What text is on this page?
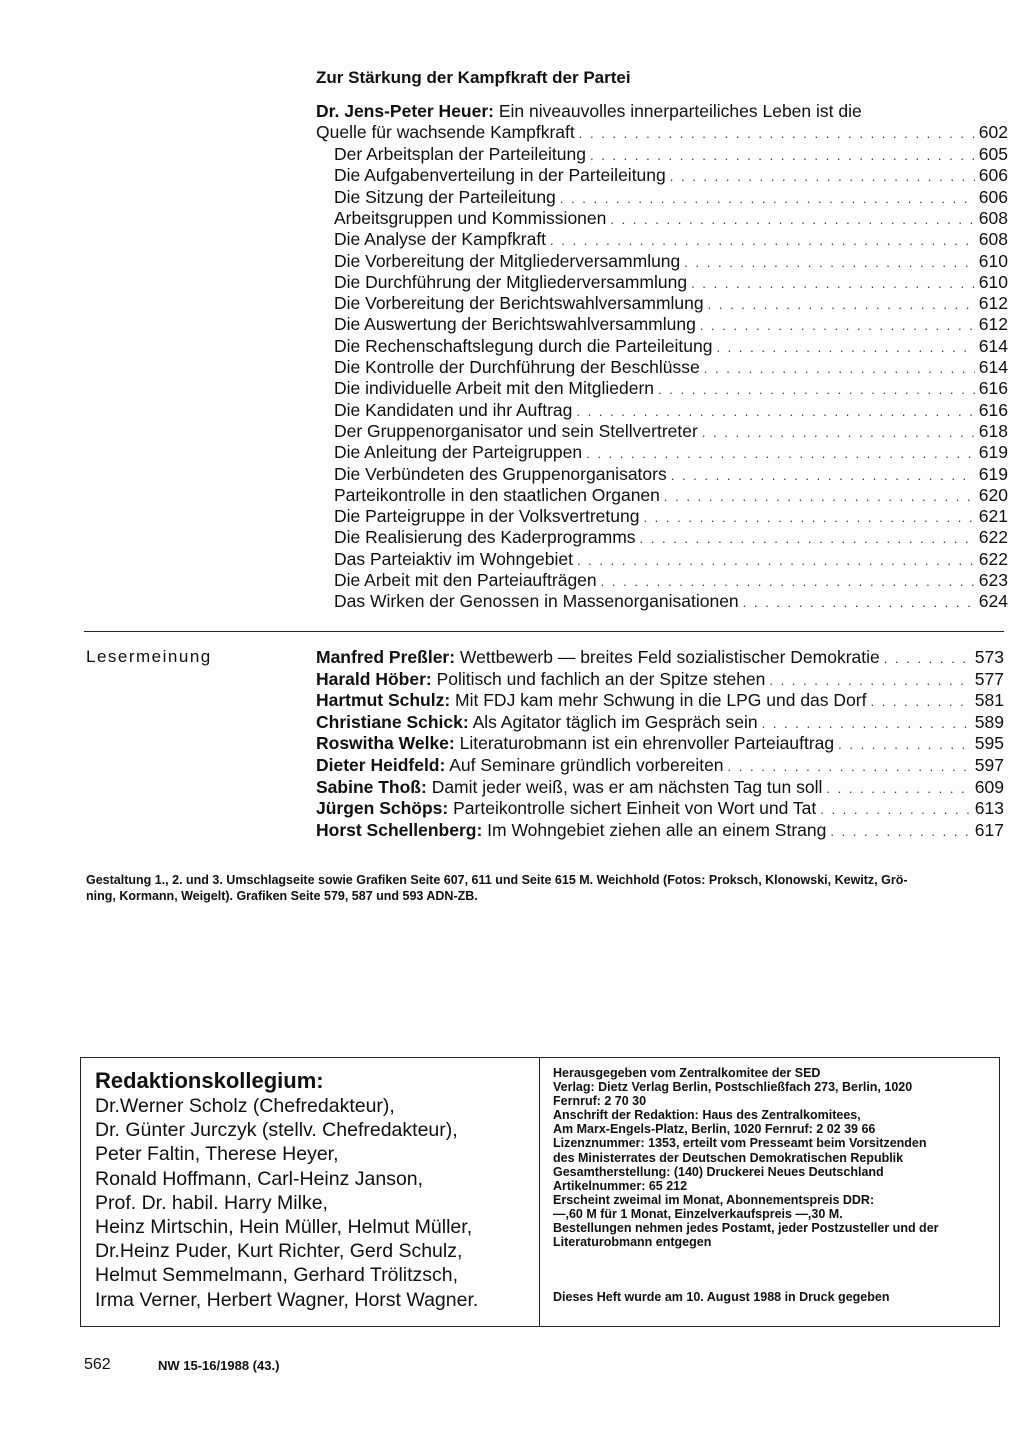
Zur Stärkung der Kampfkraft der Partei
Dr. Jens-Peter Heuer: Ein niveauvolles innerparteiliches Leben ist die
Quelle für wachsende Kampfkraft . . .	602
Der Arbeitsplan der Parteileitung . . .	605
Die Aufgabenverteilung in der Parteileitung . . .	606
Die Sitzung der Parteileitung . . .	606
Arbeitsgruppen und Kommissionen . . .	608
Die Analyse der Kampfkraft . . .	608
Die Vorbereitung der Mitgliederversammlung . . .	610
Die Durchführung der Mitgliederversammlung . . .	610
Die Vorbereitung der Berichtswahlversammlung . . .	612
Die Auswertung der Berichtswahlversammlung . . .	612
Die Rechenschaftslegung durch die Parteileitung . . .	614
Die Kontrolle der Durchführung der Beschlüsse . . .	614
Die individuelle Arbeit mit den Mitgliedern . . .	616
Die Kandidaten und ihr Auftrag . . .	616
Der Gruppenorganisator und sein Stellvertreter . . .	618
Die Anleitung der Parteigruppen . . .	619
Die Verbündeten des Gruppenorganisators . . .	619
Parteikontrolle in den staatlichen Organen . . .	620
Die Parteigruppe in der Volksvertretung . . .	621
Die Realisierung des Kaderprogramms . . .	622
Das Parteiaktiv im Wohngebiet . . .	622
Die Arbeit mit den Parteiaufträgen . . .	623
Das Wirken der Genossen in Massenorganisationen . . .	624
Lesermeinung	Manfred Preßler: Wettbewerb — breites Feld sozialistischer Demokratie . . .	573
Harald Höber: Politisch und fachlich an der Spitze stehen . . .	577
Hartmut Schulz: Mit FDJ kam mehr Schwung in die LPG und das Dorf . . .	581
Christiane Schick: Als Agitator täglich im Gespräch sein . . .	589
Roswitha Welke: Literaturobmann ist ein ehrenvoller Parteiauftrag . . .	595
Dieter Heidfeld: Auf Seminare gründlich vorbereiten . . .	597
Sabine Thoß: Damit jeder weiß, was er am nächsten Tag tun soll . . .	609
Jürgen Schöps: Parteikontrolle sichert Einheit von Wort und Tat . . .	613
Horst Schellenberg: Im Wohngebiet ziehen alle an einem Strang . . .	617
Gestaltung 1., 2. und 3. Umschlagseite sowie Grafiken Seite 607, 611 und Seite 615 M. Weichhold (Fotos: Proksch, Klonowski, Kewitz, Grö-
ning, Kormann, Weigelt). Grafiken Seite 579, 587 und 593 ADN-ZB.
Redaktionskollegium:
Dr.Werner Scholz (Chefredakteur),
Dr. Günter Jurczyk (stellv. Chefredakteur),
Peter Faltin, Therese Heyer,
Ronald Hoffmann, Carl-Heinz Janson,
Prof. Dr. habil. Harry Milke,
Heinz Mirtschin, Hein Müller, Helmut Müller,
Dr.Heinz Puder, Kurt Richter, Gerd Schulz,
Helmut Semmelmann, Gerhard Trölitzsch,
Irma Verner, Herbert Wagner, Horst Wagner.
Herausgegeben vom Zentralkomitee der SED
Verlag: Dietz Verlag Berlin, Postschließfach 273, Berlin, 1020
Fernruf: 2 70 30
Anschrift der Redaktion: Haus des Zentralkomitees,
Am Marx-Engels-Platz, Berlin, 1020 Fernruf: 2 02 39 66
Lizenznummer: 1353, erteilt vom Presseamt beim Vorsitzenden
des Ministerrates der Deutschen Demokratischen Republik
Gesamtherstellung: (140) Druckerei Neues Deutschland
Artikelnummer: 65 212
Erscheint zweimal im Monat, Abonnementspreis DDR:
—,60 M für 1 Monat, Einzelverkaufspreis —,30 M.
Bestellungen nehmen jedes Postamt, jeder Postzusteller und der
Literaturobmann entgegen
Dieses Heft wurde am 10. August 1988 in Druck gegeben
562	NW 15-16/1988 (43.)
